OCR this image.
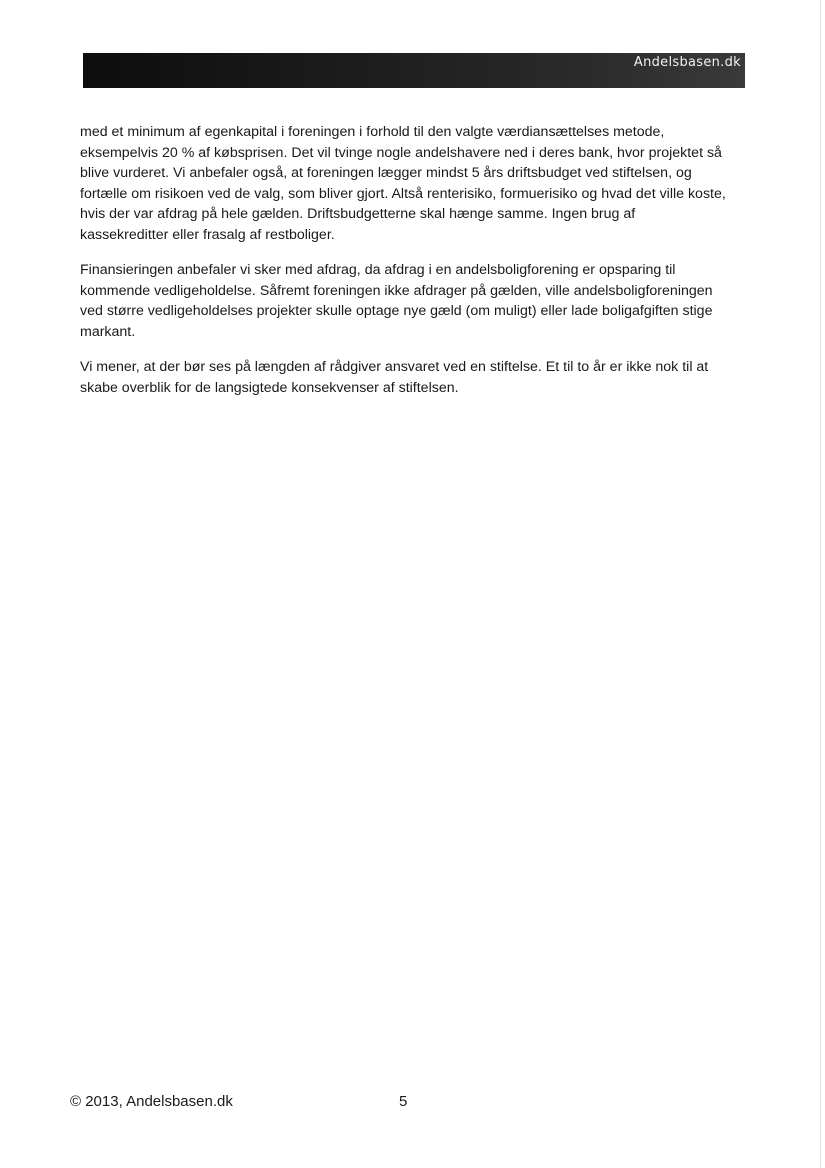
Andelsbasen.dk

med et minimum af egenkapital i foreningen i forhold til den valgte værdiansættelses metode, eksempelvis 20 % af købsprisen. Det vil tvinge nogle andelshavere ned i deres bank, hvor projektet så blive vurderet. Vi anbefaler også, at foreningen lægger mindst 5 års driftsbudget ved stiftelsen, og fortælle om risikoen ved de valg, som bliver gjort. Altså renterisiko, formuerisiko og hvad det ville koste, hvis der var afdrag på hele gælden. Driftsbudgetterne skal hænge samme. Ingen brug af kassekreditter eller frasalg af restboliger.

Finansieringen anbefaler vi sker med afdrag, da afdrag i en andelsboligforening er opsparing til kommende vedligeholdelse. Såfremt foreningen ikke afdrager på gælden, ville andelsboligforeningen ved større vedligeholdelses projekter skulle optage nye gæld (om muligt) eller lade boligafgiften stige markant.

Vi mener, at der bør ses på længden af rådgiver ansvaret ved en stiftelse. Et til to år er ikke nok til at skabe overblik for de langsigtede konsekvenser af stiftelsen.

© 2013, Andelsbasen.dk	5
